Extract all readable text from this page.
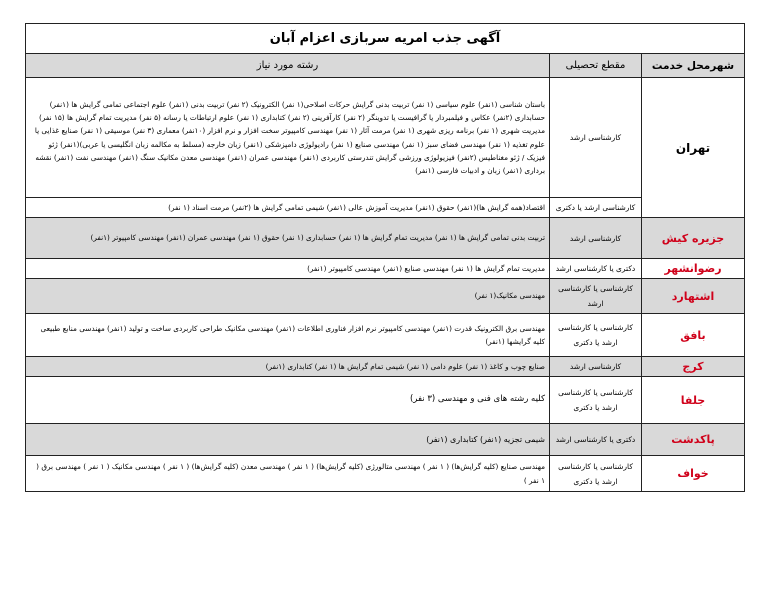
آگهی جذب امریه سربازی اعزام آبان		
شهرمحل خدمت	مقطع تحصیلی	رشته مورد نیاز
تهران	کارشناسی ارشد	باستان شناسی (۱نفر) علوم سیاسی (۱ نفر) تربیت بدنی گرایش حرکات اصلاحی(۱ نفر) الکترونیک (۲ نفر) تربیت بدنی (۱نفر) علوم اجتماعی تمامی گرایش ها (۱نفر) حسابداری (۲نفر) عکاس و فیلمبردار یا گرافیست یا تدوینگر (۲ نفر) کارآفرینی (۲ نفر) کتابداری (۱ نفر) علوم ارتباطات یا رسانه (۵ نفر) مدیریت تمام گرایش ها (۱۵ نفر) مدیریت شهری (۱ نفر) برنامه ریزی شهری (۱ نفر) مرمت آثار (۱ نفر) مهندسی کامپیوتر سخت افزار و نرم افزار (۱۰نفر) معماری (۳ نفر) موسیقی (۱ نفر) صنایع غذایی یا علوم تغذیه (۱ نفر) مهندسی فضای سبز (۱ نفر) مهندسی صنایع (۱ نفر) رادیولوژی دامپزشکی (۱نفر) زبان خارجه (مسلط به مکالمه زبان انگلیسی یا عربی)(۱نفر) ژئو فیزیک / ژئو مغناطیس (۲نفر) فیزیولوژی ورزشی گرایش تندرستی کاربردی (۱نفر) مهندسی عمران (۱نفر) مهندسی معدن مکانیک سنگ (۱نفر) مهندسی نفت (۱نفر) نقشه برداری (۱نفر) زبان و ادبیات فارسی (۱نفر)
	کارشناسی ارشد یا دکتری	اقتصاد(همه گرایش ها)(۱نفر) حقوق (۱نفر) مدیریت آموزش عالی (۱نفر) شیمی تمامی گرایش ها (۲نفر) مرمت اسناد (۱ نفر)
جزیره کیش	کارشناسی ارشد	تربیت بدنی تمامی گرایش ها (۱ نفر) مدیریت تمام گرایش ها (۱ نفر) حسابداری (۱ نفر) حقوق (۱ نفر) مهندسی عمران (۱نفر) مهندسی کامپیوتر (۱نفر)
رضوانشهر	دکتری یا کارشناسی ارشد	مدیریت تمام گرایش ها (۱ نفر) مهندسی صنایع (۱نفر) مهندسی کامپیوتر (۱نفر)
اشتهارد	کارشناسی یا کارشناسی ارشد	مهندسی مکانیک(۱ نفر)
بافق	کارشناسی یا کارشناسی ارشد یا دکتری	مهندسی برق الکترونیک قدرت (۱نفر) مهندسی کامپیوتر نرم افزار فناوری اطلاعات (۱نفر) مهندسی مکانیک طراحی کاربردی ساخت و تولید (۱نفر) مهندسی منابع طبیعی کلیه گرایشها (۱نفر)
کرج	کارشناسی ارشد	صنایع چوب و کاغذ (۱ نفر) علوم دامی (۱ نفر) شیمی تمام گرایش ها (۱ نفر) کتابداری (۱نفر)
جلفا	کارشناسی یا کارشناسی ارشد یا دکتری	کلیه رشته های فنی و مهندسی (۳ نفر)
پاکدشت	دکتری یا کارشناسی ارشد	شیمی تجزیه (۱نفر) کتابداری (۱نفر)
خواف	کارشناسی یا کارشناسی ارشد یا دکتری	مهندسی صنایع (کلیه گرایش‌ها) ( ۱ نفر ) مهندسی متالورژی (کلیه گرایش‌ها) ( ۱ نفر ) مهندسی معدن (کلیه گرایش‌ها) ( ۱ نفر ) مهندسی مکانیک ( ۱ نفر ) مهندسی برق ( ۱ نفر )
